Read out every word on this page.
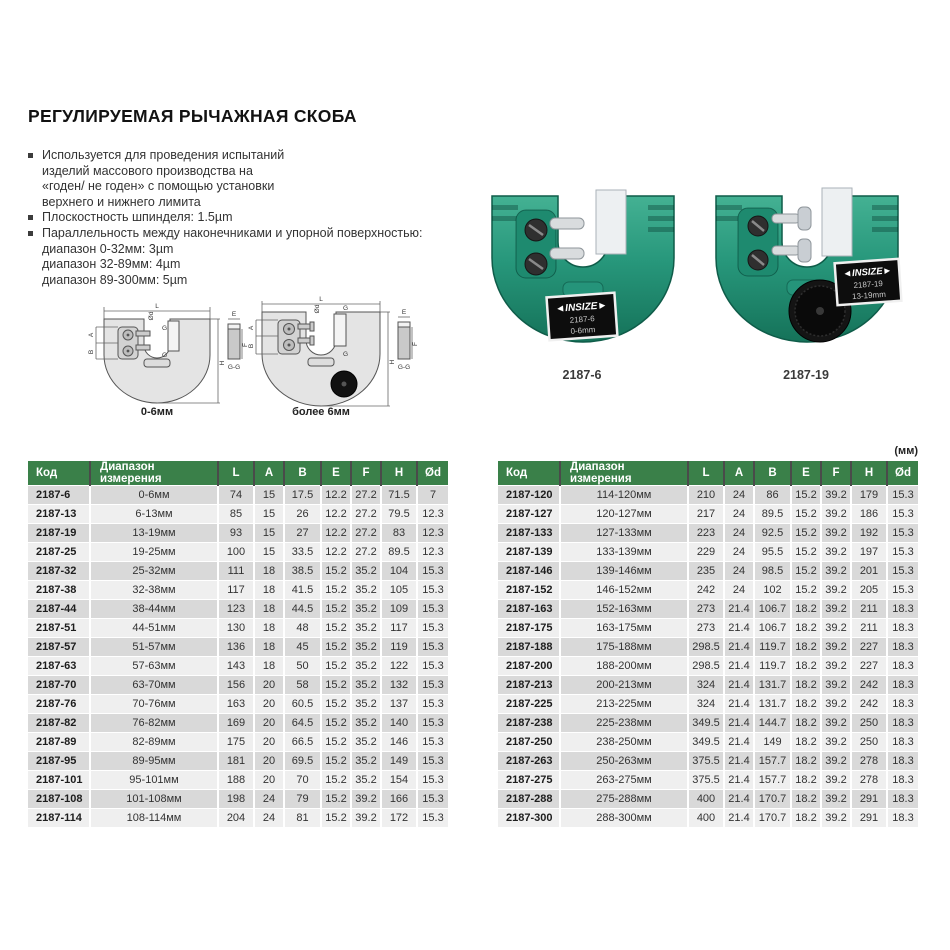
РЕГУЛИРУЕМАЯ РЫЧАЖНАЯ СКОБА
Используется для проведения испытаний
изделий массового производства на
«годен/ не годен» с помощью установки
верхнего и нижнего лимита
Плоскостность шпинделя: 1.5µm
Параллельность между наконечниками и упорной поверхностью:
диапазон 0-32мм: 3µm
диапазон 32-89мм: 4µm
диапазон 89-300мм: 5µm
L
Ød
G
G
A
B
H
E
F
G-G
0-6мм
L
Ød	G
G
A
B
H
E
F
G-G
более 6мм
◄INSIZE►
2187-6
0-6mm
2187-6
◄INSIZE►
2187-19
13-19mm
2187-19
(мм)
Код	Диапазон измерения	L	A	B	E	F	H	Ød
2187-6	0-6мм	74	15	17.5	12.2	27.2	71.5	7
2187-13	6-13мм	85	15	26	12.2	27.2	79.5	12.3
2187-19	13-19мм	93	15	27	12.2	27.2	83	12.3
2187-25	19-25мм	100	15	33.5	12.2	27.2	89.5	12.3
2187-32	25-32мм	111	18	38.5	15.2	35.2	104	15.3
2187-38	32-38мм	117	18	41.5	15.2	35.2	105	15.3
2187-44	38-44мм	123	18	44.5	15.2	35.2	109	15.3
2187-51	44-51мм	130	18	48	15.2	35.2	117	15.3
2187-57	51-57мм	136	18	45	15.2	35.2	119	15.3
2187-63	57-63мм	143	18	50	15.2	35.2	122	15.3
2187-70	63-70мм	156	20	58	15.2	35.2	132	15.3
2187-76	70-76мм	163	20	60.5	15.2	35.2	137	15.3
2187-82	76-82мм	169	20	64.5	15.2	35.2	140	15.3
2187-89	82-89мм	175	20	66.5	15.2	35.2	146	15.3
2187-95	89-95мм	181	20	69.5	15.2	35.2	149	15.3
2187-101	95-101мм	188	20	70	15.2	35.2	154	15.3
2187-108	101-108мм	198	24	79	15.2	39.2	166	15.3
2187-114	108-114мм	204	24	81	15.2	39.2	172	15.3
Код	Диапазон измерения	L	A	B	E	F	H	Ød
2187-120	114-120мм	210	24	86	15.2	39.2	179	15.3
2187-127	120-127мм	217	24	89.5	15.2	39.2	186	15.3
2187-133	127-133мм	223	24	92.5	15.2	39.2	192	15.3
2187-139	133-139мм	229	24	95.5	15.2	39.2	197	15.3
2187-146	139-146мм	235	24	98.5	15.2	39.2	201	15.3
2187-152	146-152мм	242	24	102	15.2	39.2	205	15.3
2187-163	152-163мм	273	21.4	106.7	18.2	39.2	211	18.3
2187-175	163-175мм	273	21.4	106.7	18.2	39.2	211	18.3
2187-188	175-188мм	298.5	21.4	119.7	18.2	39.2	227	18.3
2187-200	188-200мм	298.5	21.4	119.7	18.2	39.2	227	18.3
2187-213	200-213мм	324	21.4	131.7	18.2	39.2	242	18.3
2187-225	213-225мм	324	21.4	131.7	18.2	39.2	242	18.3
2187-238	225-238мм	349.5	21.4	144.7	18.2	39.2	250	18.3
2187-250	238-250мм	349.5	21.4	149	18.2	39.2	250	18.3
2187-263	250-263мм	375.5	21.4	157.7	18.2	39.2	278	18.3
2187-275	263-275мм	375.5	21.4	157.7	18.2	39.2	278	18.3
2187-288	275-288мм	400	21.4	170.7	18.2	39.2	291	18.3
2187-300	288-300мм	400	21.4	170.7	18.2	39.2	291	18.3
